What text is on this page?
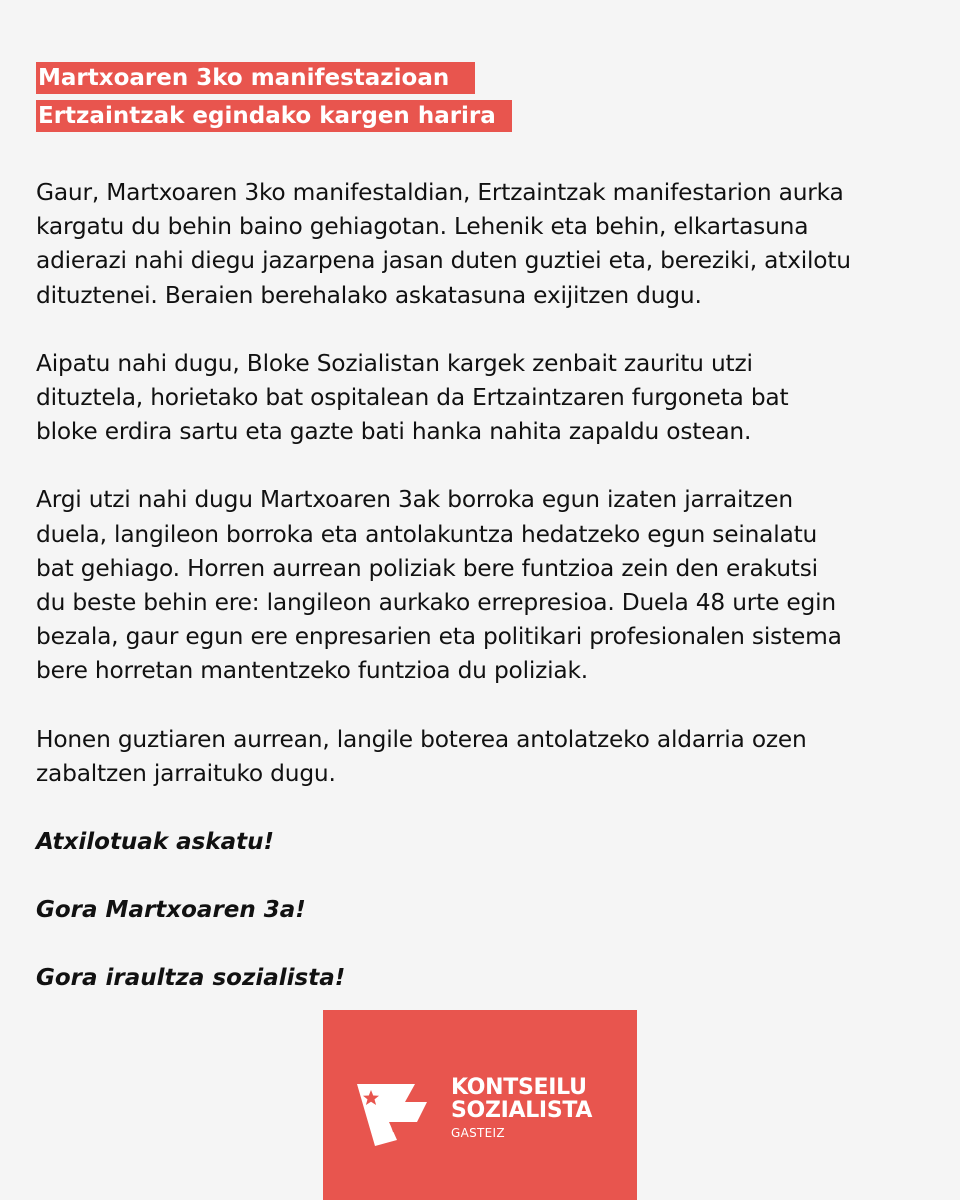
Martxoaren 3ko manifestazioan
Ertzaintzak egindako kargen harira

Gaur, Martxoaren 3ko manifestaldian, Ertzaintzak manifestarion aurka
kargatu du behin baino gehiagotan. Lehenik eta behin, elkartasuna
adierazi nahi diegu jazarpena jasan duten guztiei eta, bereziki, atxilotu
dituztenei. Beraien berehalako askatasuna exijitzen dugu.

Aipatu nahi dugu, Bloke Sozialistan kargek zenbait zauritu utzi
dituztela, horietako bat ospitalean da Ertzaintzaren furgoneta bat
bloke erdira sartu eta gazte bati hanka nahita zapaldu ostean.

Argi utzi nahi dugu Martxoaren 3ak borroka egun izaten jarraitzen
duela, langileon borroka eta antolakuntza hedatzeko egun seinalatu
bat gehiago. Horren aurrean poliziak bere funtzioa zein den erakutsi
du beste behin ere: langileon aurkako errepresioa. Duela 48 urte egin
bezala, gaur egun ere enpresarien eta politikari profesionalen sistema
bere horretan mantentzeko funtzioa du poliziak.

Honen guztiaren aurrean, langile boterea antolatzeko aldarria ozen
zabaltzen jarraituko dugu.

Atxilotuak askatu!

Gora Martxoaren 3a!

Gora iraultza sozialista!

KONTSEILU
SOZIALISTA
GASTEIZ
